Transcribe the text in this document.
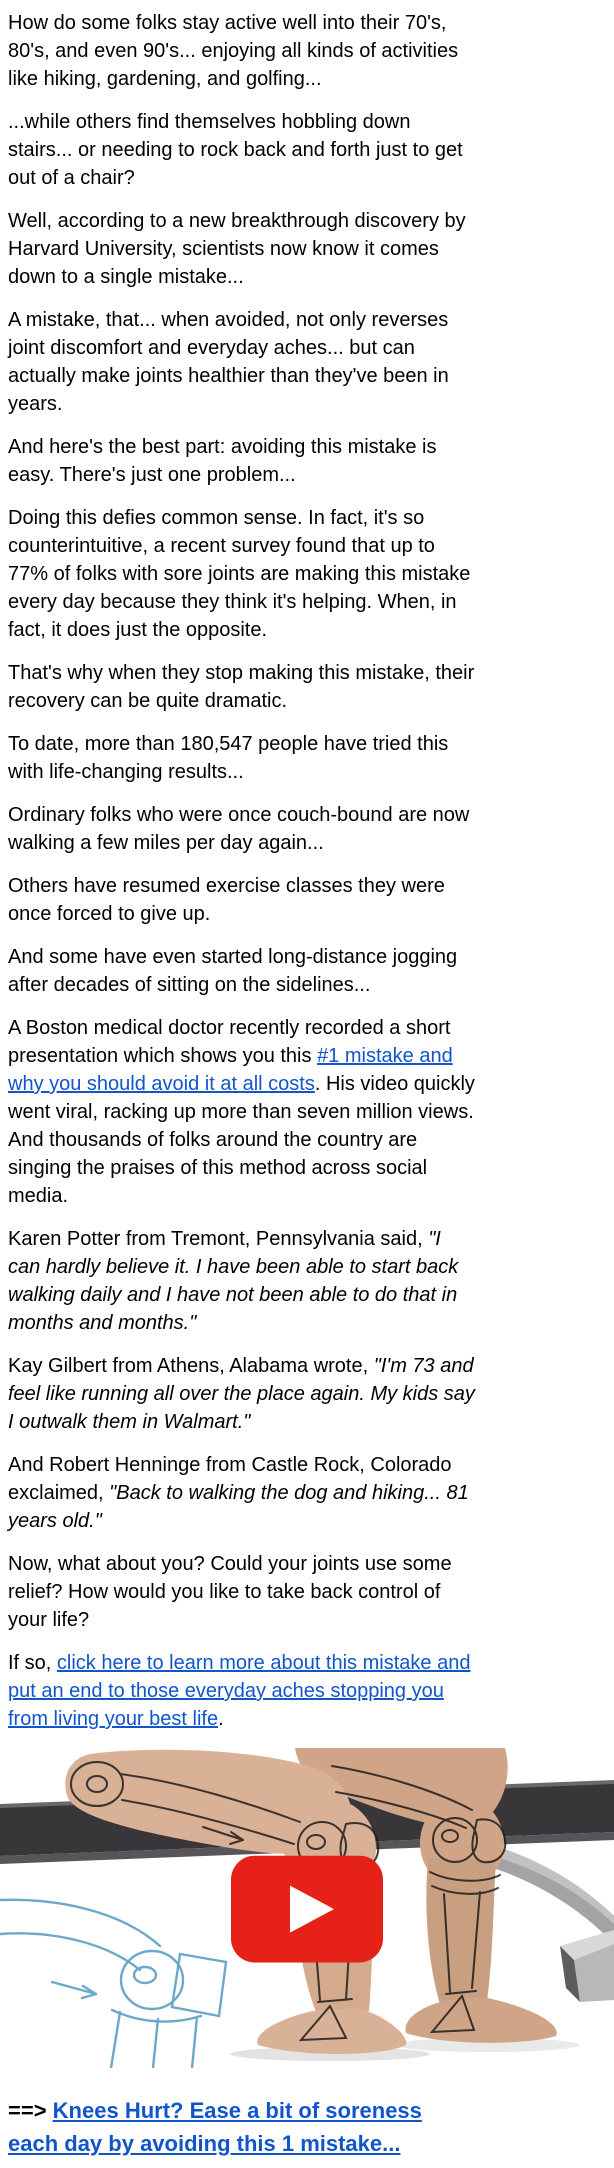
How do some folks stay active well into their 70's, 80's, and even 90's... enjoying all kinds of activities like hiking, gardening, and golfing...

...while others find themselves hobbling down stairs... or needing to rock back and forth just to get out of a chair?

Well, according to a new breakthrough discovery by Harvard University, scientists now know it comes down to a single mistake...

A mistake, that... when avoided, not only reverses joint discomfort and everyday aches... but can actually make joints healthier than they've been in years.

And here's the best part: avoiding this mistake is easy. There's just one problem...

Doing this defies common sense. In fact, it's so counterintuitive, a recent survey found that up to 77% of folks with sore joints are making this mistake every day because they think it's helping. When, in fact, it does just the opposite.

That's why when they stop making this mistake, their recovery can be quite dramatic.

To date, more than 180,547 people have tried this with life-changing results...

Ordinary folks who were once couch-bound are now walking a few miles per day again...

Others have resumed exercise classes they were once forced to give up.

And some have even started long-distance jogging after decades of sitting on the sidelines...

A Boston medical doctor recently recorded a short presentation which shows you this #1 mistake and why you should avoid it at all costs. His video quickly went viral, racking up more than seven million views. And thousands of folks around the country are singing the praises of this method across social media.

Karen Potter from Tremont, Pennsylvania said, "I can hardly believe it. I have been able to start back walking daily and I have not been able to do that in months and months."

Kay Gilbert from Athens, Alabama wrote, "I'm 73 and feel like running all over the place again. My kids say I outwalk them in Walmart."

And Robert Henninge from Castle Rock, Colorado exclaimed, "Back to walking the dog and hiking... 81 years old."

Now, what about you? Could your joints use some relief? How would you like to take back control of your life?

If so, click here to learn more about this mistake and put an end to those everyday aches stopping you from living your best life.

==> Knees Hurt? Ease a bit of soreness each day by avoiding this 1 mistake...
